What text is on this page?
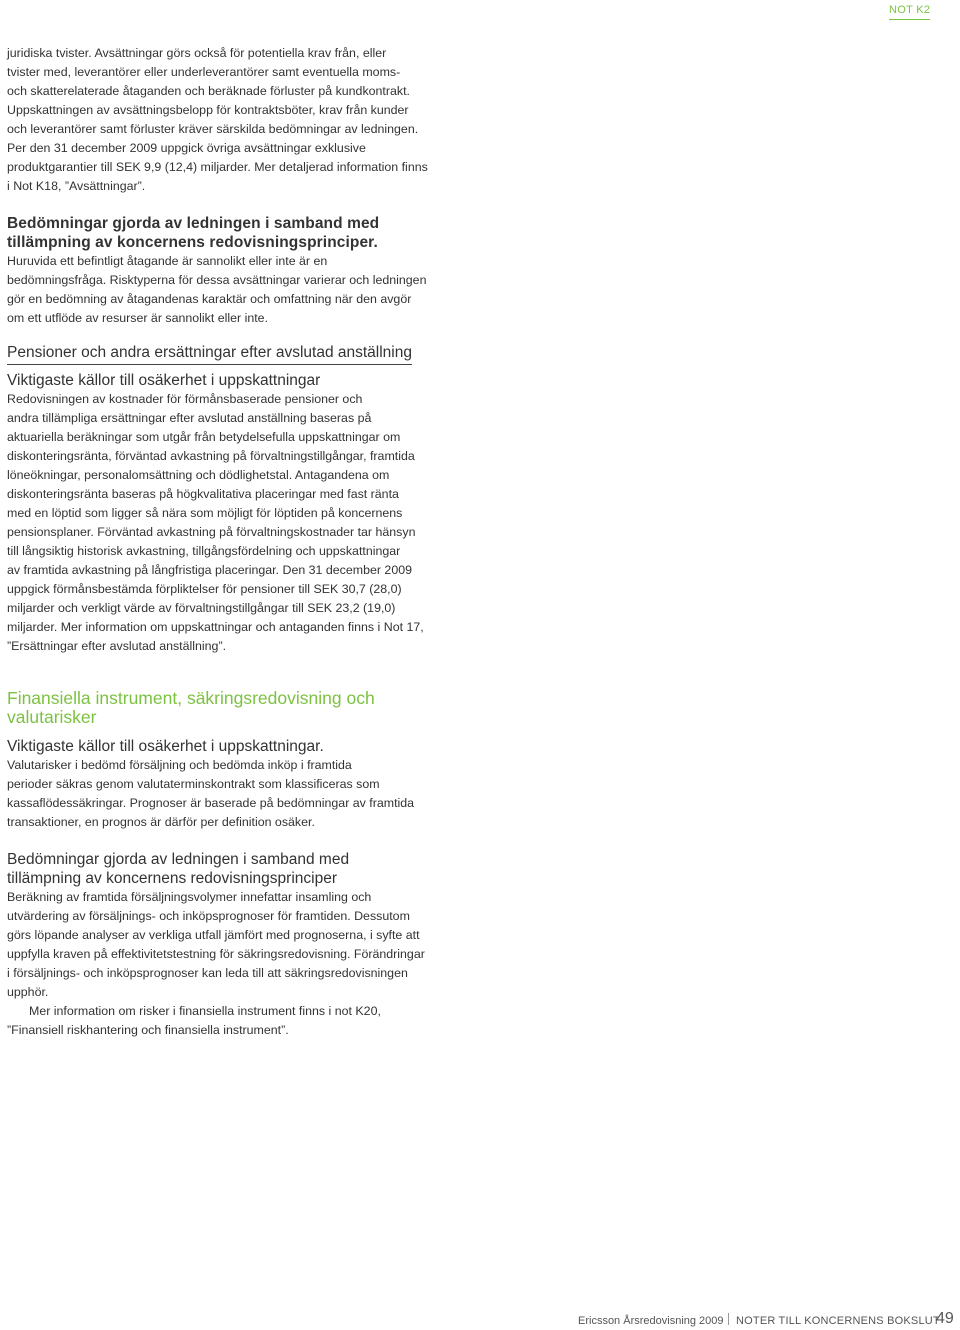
NOT K2

juridiska tvister. Avsättningar görs också för potentiella krav från, eller

tvister med, leverantörer eller underleverantörer samt eventuella moms-

och skatterelaterade åtaganden och beräknade förluster på kundkontrakt.

Uppskattningen av avsättningsbelopp för kontraktsböter, krav från kunder

och leverantörer samt förluster kräver särskilda bedömningar av ledningen.

Per den 31 december 2009 uppgick övriga avsättningar exklusive

produktgarantier till SEK 9,9 (12,4) miljarder. Mer detaljerad information finns

i Not K18, ”Avsättningar”.

Bedömningar gjorda av ledningen i samband med

tillämpning av koncernens redovisningsprinciper.

Huruvida ett befintligt åtagande är sannolikt eller inte är en

bedömningsfråga. Risktyperna för dessa avsättningar varierar och ledningen

gör en bedömning av åtagandenas karaktär och omfattning när den avgör

om ett utflöde av resurser är sannolikt eller inte.

Pensioner och andra ersättningar efter avslutad anställning

Viktigaste källor till osäkerhet i uppskattningar

Redovisningen av kostnader för förmånsbaserade pensioner och

andra tillämpliga ersättningar efter avslutad anställning baseras på

aktuariella beräkningar som utgår från betydelsefulla uppskattningar om

diskonteringsränta, förväntad avkastning på förvaltningstillgångar, framtida

löneökningar, personalomsättning och dödlighetstal. Antagandena om

diskonteringsränta baseras på högkvalitativa placeringar med fast ränta

med en löptid som ligger så nära som möjligt för löptiden på koncernens

pensionsplaner. Förväntad avkastning på förvaltningskostnader tar hänsyn

till långsiktig historisk avkastning, tillgångsfördelning och uppskattningar

av framtida avkastning på långfristiga placeringar. Den 31 december 2009

uppgick förmånsbestämda förpliktelser för pensioner till SEK 30,7 (28,0)

miljarder och verkligt värde av förvaltningstillgångar till SEK 23,2 (19,0)

miljarder. Mer information om uppskattningar och antaganden finns i Not 17,

”Ersättningar efter avslutad anställning”.

Finansiella instrument, säkringsredovisning och

valutarisker

Viktigaste källor till osäkerhet i uppskattningar.

Valutarisker i bedömd försäljning och bedömda inköp i framtida

perioder säkras genom valutaterminskontrakt som klassificeras som

kassaflödessäkringar. Prognoser är baserade på bedömningar av framtida

transaktioner, en prognos är därför per definition osäker.

Bedömningar gjorda av ledningen i samband med

tillämpning av koncernens redovisningsprinciper

Beräkning av framtida försäljningsvolymer innefattar insamling och

utvärdering av försäljnings- och inköpsprognoser för framtiden. Dessutom

görs löpande analyser av verkliga utfall jämfört med prognoserna, i syfte att

uppfylla kraven på effektivitetstestning för säkringsredovisning. Förändringar

i försäljnings- och inköpsprognoser kan leda till att säkringsredovisningen

upphör.

Mer information om risker i finansiella instrument finns i not K20,

”Finansiell riskhantering och finansiella instrument”.

Ericsson Årsredovisning 2009 NOTER TILL KONCERNENS BOKSLUT
49
